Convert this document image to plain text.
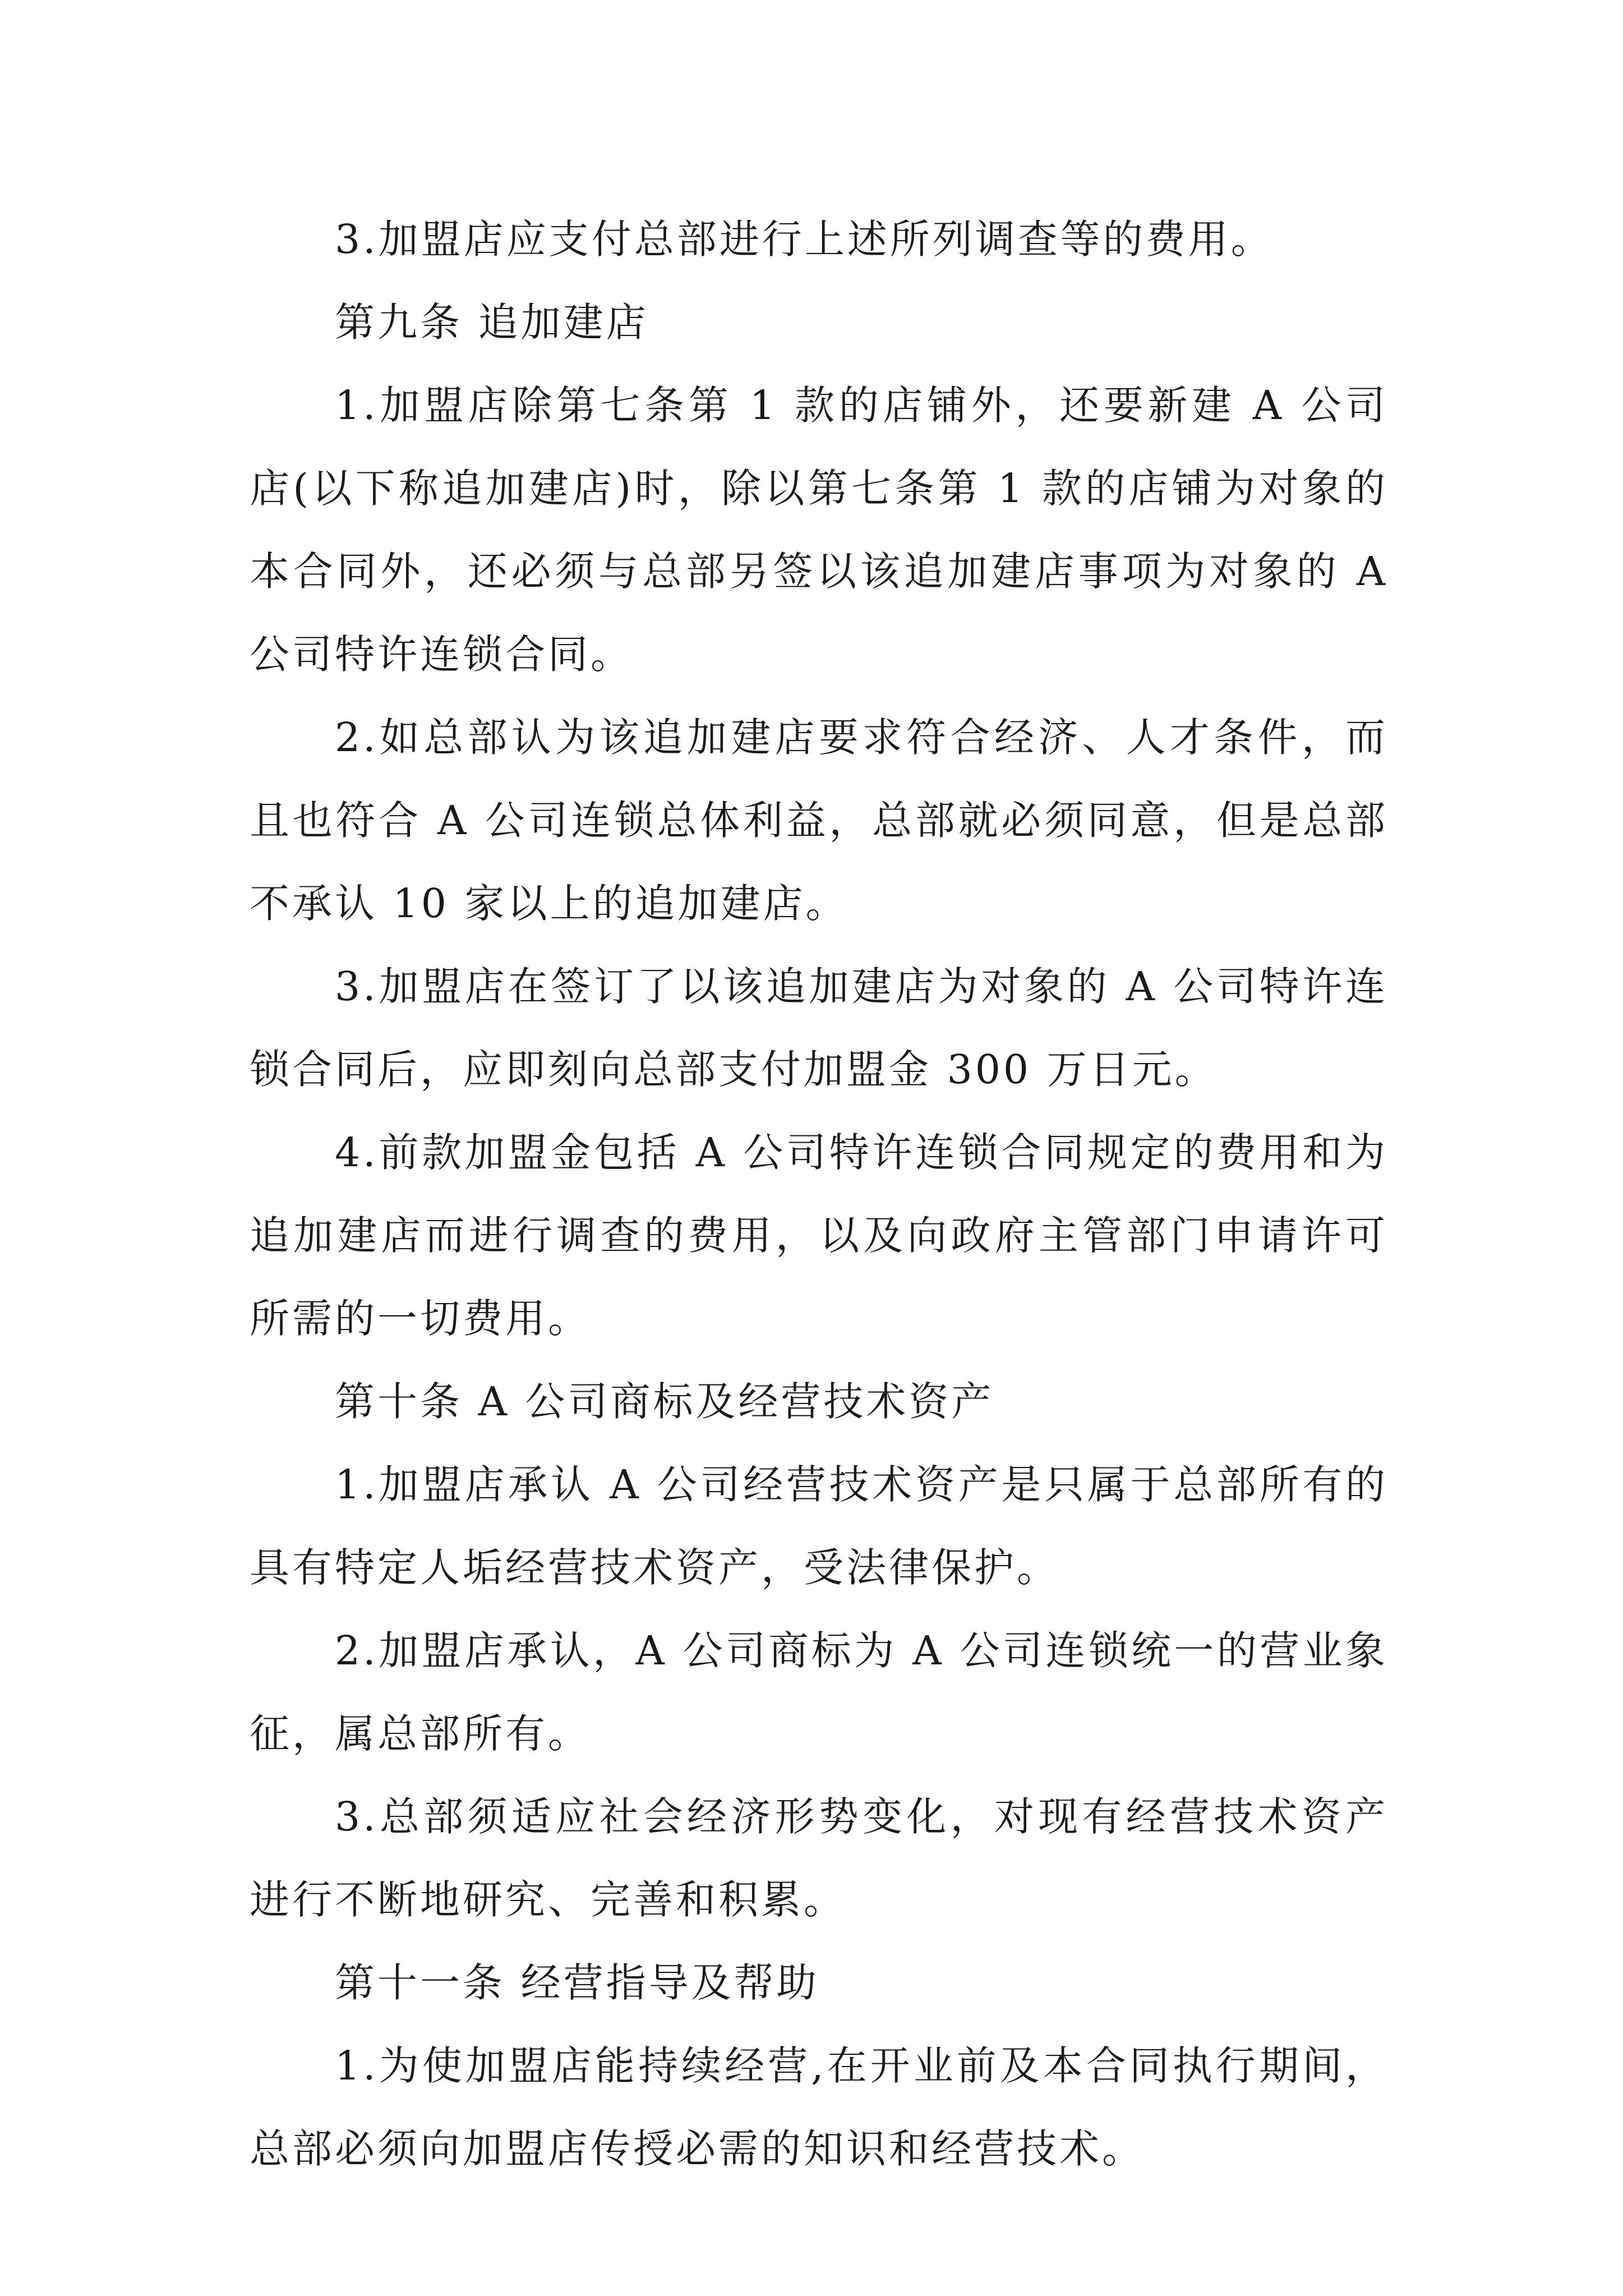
3.加盟店应支付总部进行上述所列调查等的费用。

第九条 追加建店

1.加盟店除第七条第 1 款的店铺外，还要新建 A 公司店(以下称追加建店)时，除以第七条第 1 款的店铺为对象的本合同外，还必须与总部另签以该追加建店事项为对象的 A 公司特许连锁合同。

2.如总部认为该追加建店要求符合经济、人才条件，而且也符合 A 公司连锁总体利益，总部就必须同意，但是总部不承认 10 家以上的追加建店。

3.加盟店在签订了以该追加建店为对象的 A 公司特许连锁合同后，应即刻向总部支付加盟金 300 万日元。

4.前款加盟金包括 A 公司特许连锁合同规定的费用和为追加建店而进行调查的费用，以及向政府主管部门申请许可所需的一切费用。

第十条 A 公司商标及经营技术资产

1.加盟店承认 A 公司经营技术资产是只属于总部所有的具有特定人垢经营技术资产，受法律保护。

2.加盟店承认，A 公司商标为 A 公司连锁统一的营业象征，属总部所有。

3.总部须适应社会经济形势变化，对现有经营技术资产进行不断地研究、完善和积累。

第十一条 经营指导及帮助

1.为使加盟店能持续经营,在开业前及本合同执行期间，总部必须向加盟店传授必需的知识和经营技术。
